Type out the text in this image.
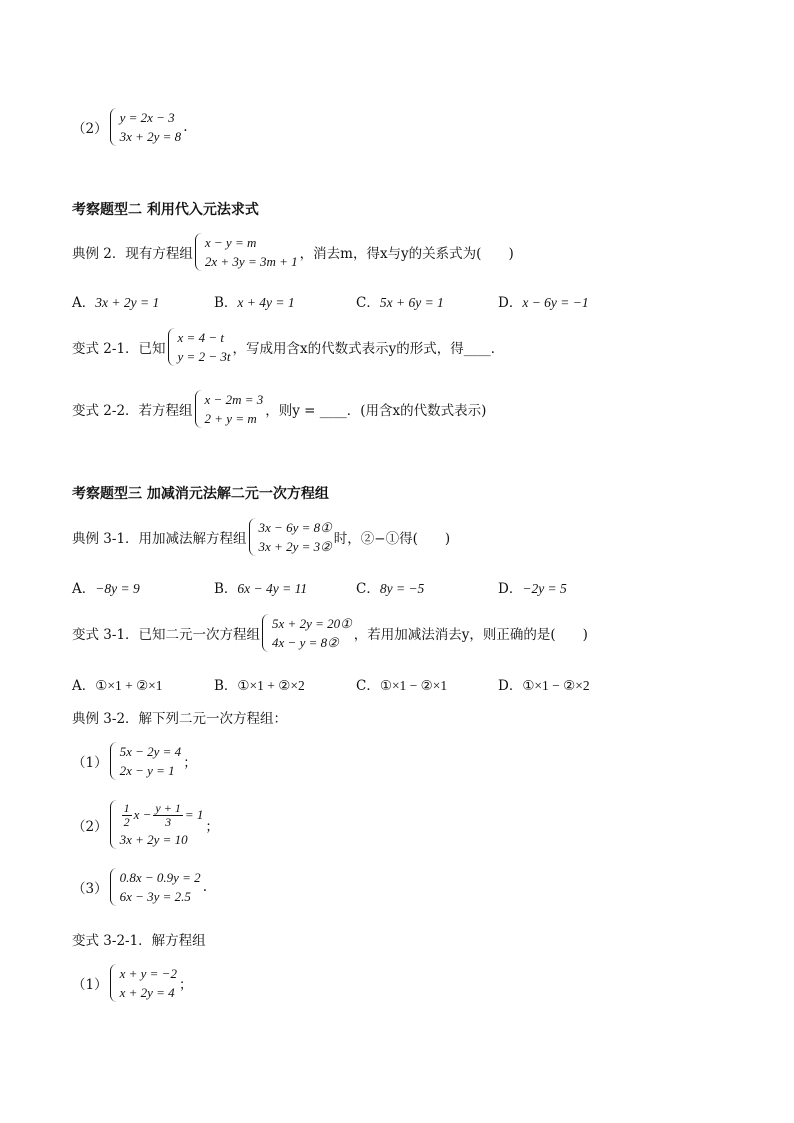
（2）
y = 2x − 3
3x + 2y = 8
.
考察题型二 利用代入元法求式
典例 2．现有方程组
x − y = m
2x + 3y = 3m + 1 ，消去m，得x与y的关系式为(　　)
A．3x + 2y = 1	B．x + 4y = 1	C．5x + 6y = 1	D．x − 6y = −1
变式 2-1．已知
x = 4 − t
y = 2 − 3t ，写成用含x的代数式表示y的形式，得____．
变式 2-2．若方程组
x − 2m = 3
2 + y = m ，则y = ____．(用含x的代数式表示)
考察题型三 加减消元法解二元一次方程组
典例 3-1．用加减法解方程组
3x − 6y = 8①
3x + 2y = 3② 时，②−①得(　　)
A．−8y = 9	B．6x − 4y = 11	C．8y = −5	D．−2y = 5
变式 3-1．已知二元一次方程组
5x + 2y = 20①
4x − y = 8②	，若用加减法消去y，则正确的是(　　)
A．①×1 + ②×1	B．①×1 + ②×2	C．①×1 − ②×1	D．①×1 − ②×2
典例 3-2．解下列二元一次方程组：
（1）
5x − 2y = 4
2x − y = 1 ；
$(2) \frac{1}{2}$ $x - \frac{y + 1}{3} = 1$
3x + 2y = 10
；
（3）
0.8x − 0.9y = 2
6x − 3y = 2.5
.
变式 3-2-1．解方程组
（1）
x + y = −2
x + 2y = 4 ；
